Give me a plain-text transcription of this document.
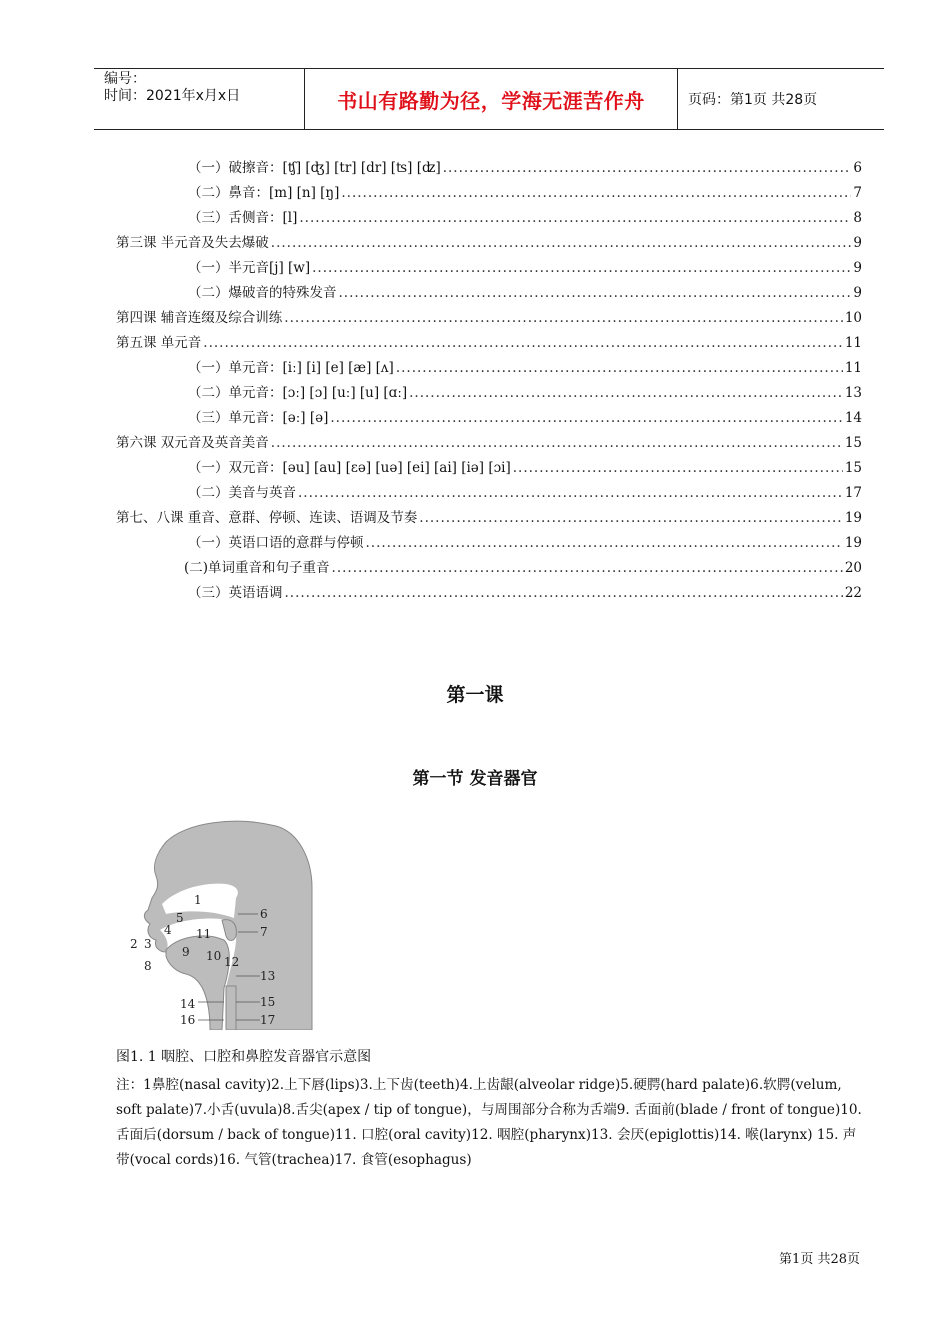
编号：
时间：2021年x月x日	书山有路勤为径，学海无涯苦作舟	页码：第1页 共28页
（一）破擦音：[ʧ] [ʤ] [tr] [dr] [ʦ] [ʣ] .....	6
（二）鼻音：[m] [n] [ŋ] .....	7
（三）舌侧音：[l] .....	8
第三课 半元音及失去爆破 .....	9
（一）半元音[j] [w] .....	9
（二）爆破音的特殊发音 .....	9
第四课 辅音连缀及综合训练 .....	10
第五课 单元音 .....	11
（一）单元音：[iː] [i] [e] [æ] [ʌ] .....	11
（二）单元音：[ɔː] [ɔ] [uː] [u] [ɑː] .....	13
（三）单元音：[əː] [ə] .....	14
第六课 双元音及英音美音 .....	15
（一）双元音：[əu] [au] [ɛə] [uə] [ei] [ai] [iə] [ɔi] .....	15
（二）美音与英音 .....	17
第七、八课 重音、意群、停顿、连读、语调及节奏 .....	19
（一）英语口语的意群与停顿 .....	19
(二)单词重音和句子重音 .....	20
（三）英语语调 .....	22
第一课
第一节 发音器官
1
2 3
4
5	6
7
8
9 10
11
12
13
14	15
16	17
图1. 1 咽腔、口腔和鼻腔发音器官示意图
注：1鼻腔(nasal cavity)2.上下唇(lips)3.上下齿(teeth)4.上齿龈(alveolar ridge)5.硬腭(hard palate)6.软腭(velum, soft palate)7.小舌(uvula)8.舌尖(apex / tip of tongue)，与周围部分合称为舌端9. 舌面前(blade / front of tongue)10. 舌面后(dorsum / back of tongue)11. 口腔(oral cavity)12. 咽腔(pharynx)13. 会厌(epiglottis)14. 喉(larynx) 15. 声带(vocal cords)16. 气管(trachea)17. 食管(esophagus)
第1页 共28页
